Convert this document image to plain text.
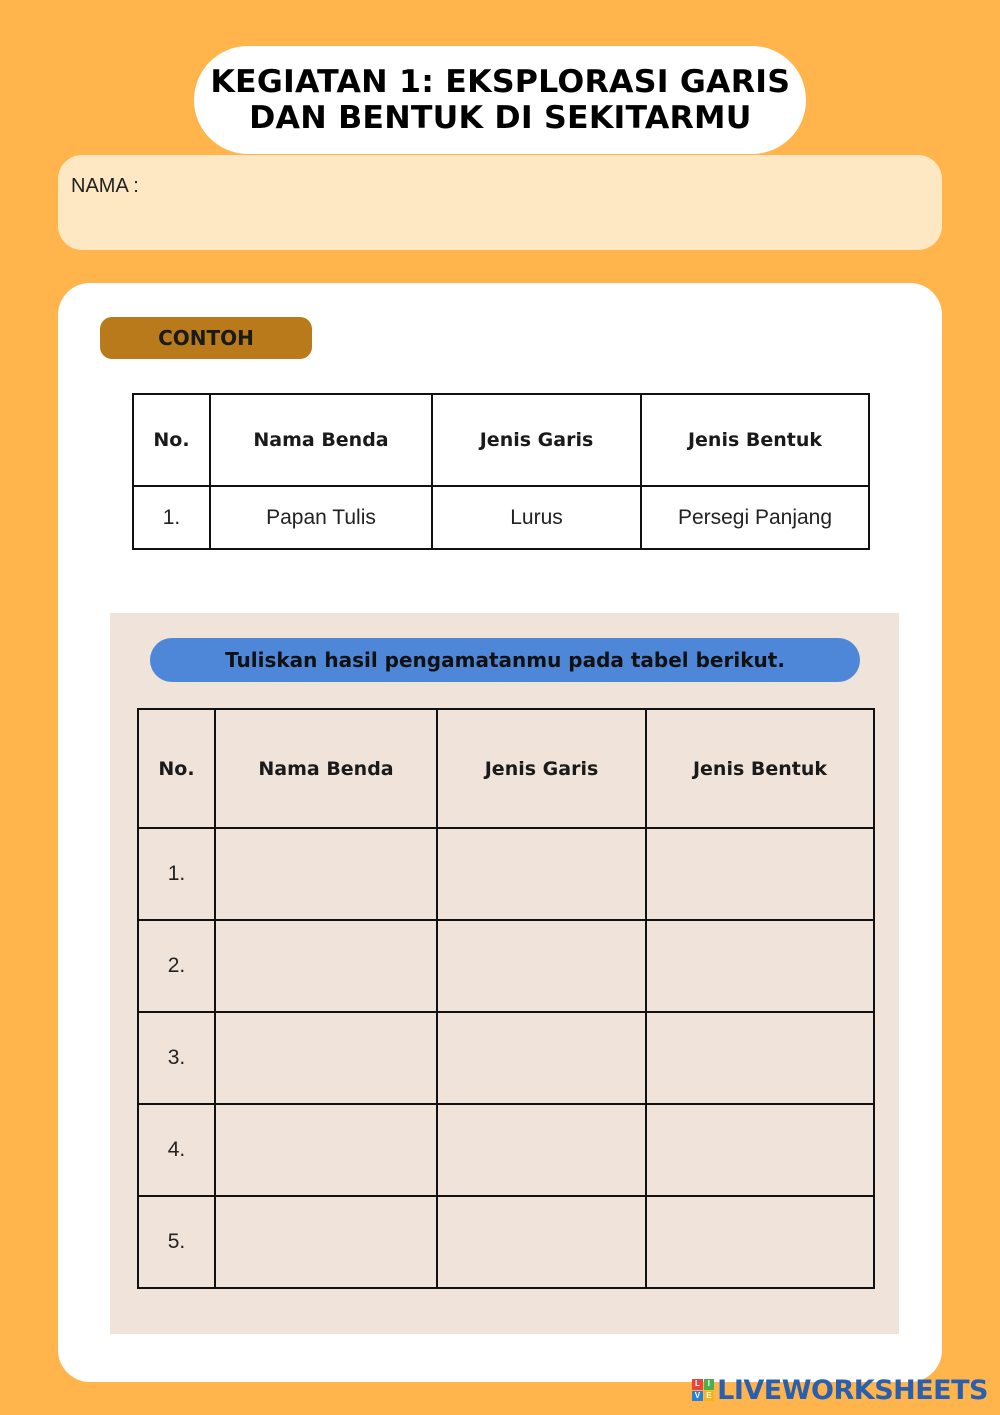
KEGIATAN 1: EKSPLORASI GARIS
DAN BENTUK DI SEKITARMU
NAMA :
CONTOH
No.	Nama Benda	Jenis Garis	Jenis Bentuk
1.	Papan Tulis	Lurus	Persegi Panjang
Tuliskan hasil pengamatanmu pada tabel berikut.
No.	Nama Benda	Jenis Garis	Jenis Bentuk
1.			
2.			
3.			
4.			
5.			
L I
V E LIVEWORKSHEETS
